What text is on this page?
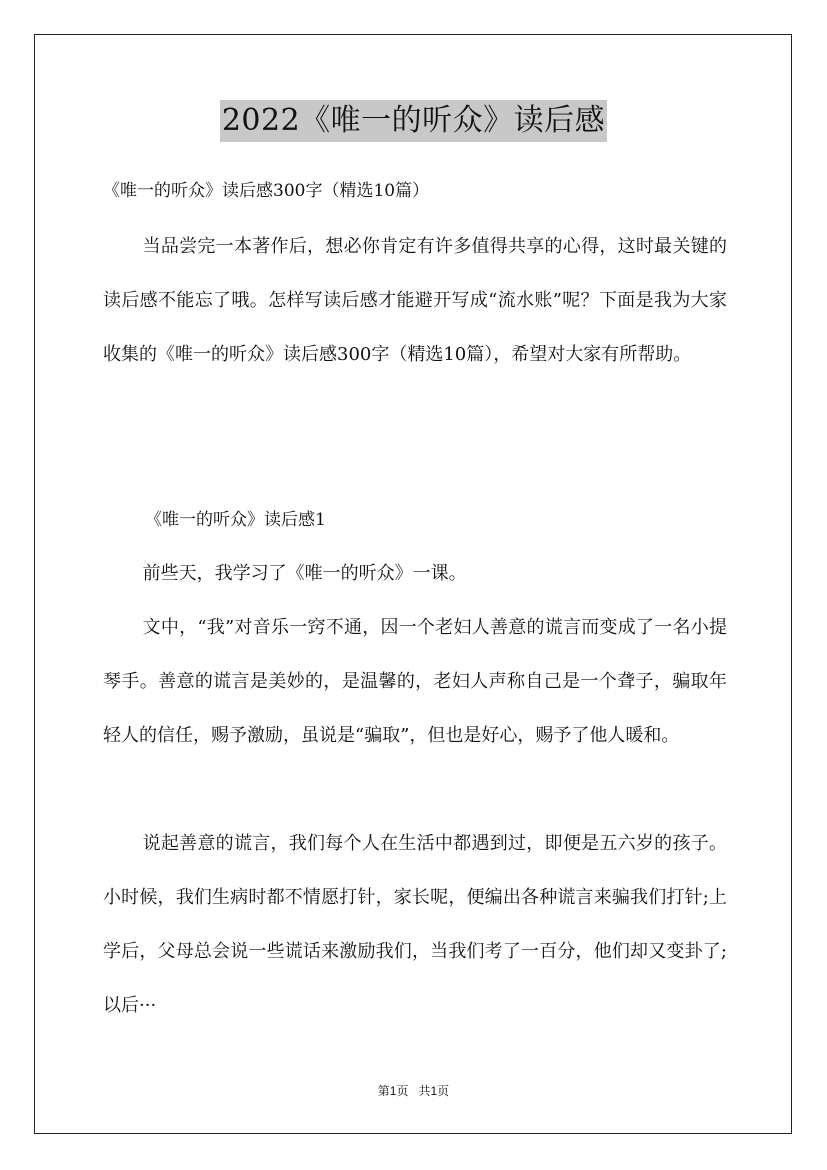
2022《唯一的听众》读后感
《唯一的听众》读后感300字（精选10篇）
当品尝完一本著作后，想必你肯定有许多值得共享的心得，这时最关键的读后感不能忘了哦。怎样写读后感才能避开写成“流水账”呢？下面是我为大家收集的《唯一的听众》读后感300字（精选10篇），希望对大家有所帮助。
《唯一的听众》读后感1
前些天，我学习了《唯一的听众》一课。
文中，“我”对音乐一窍不通，因一个老妇人善意的谎言而变成了一名小提琴手。善意的谎言是美妙的，是温馨的，老妇人声称自己是一个聋子，骗取年轻人的信任，赐予激励，虽说是“骗取”，但也是好心，赐予了他人暖和。
说起善意的谎言，我们每个人在生活中都遇到过，即便是五六岁的孩子。小时候，我们生病时都不情愿打针，家长呢，便编出各种谎言来骗我们打针;上学后，父母总会说一些谎话来激励我们，当我们考了一百分，他们却又变卦了;以后···
第1页 共1页
